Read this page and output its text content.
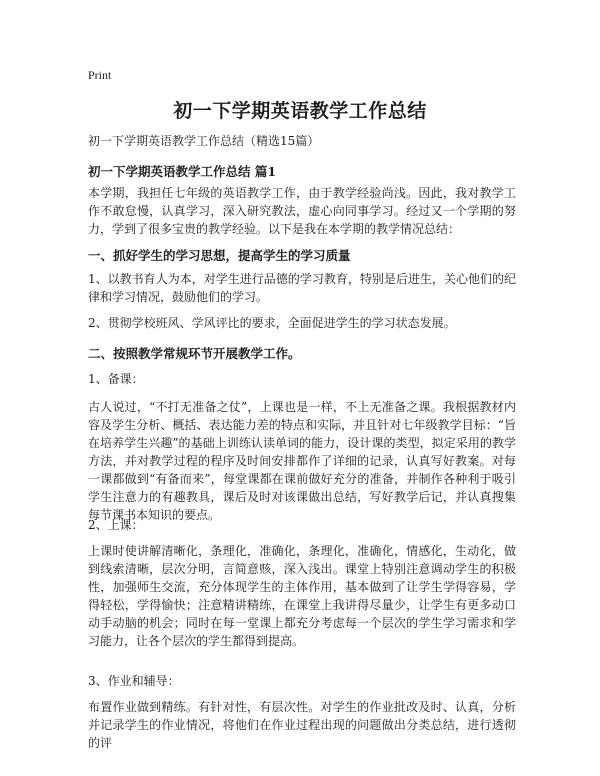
Print
初一下学期英语教学工作总结

初一下学期英语教学工作总结（精选15篇）

初一下学期英语教学工作总结 篇1

本学期，我担任七年级的英语教学工作，由于教学经验尚浅。因此，我对教学工作不敢怠慢，认真学习，深入研究教法，虚心向同事学习。经过又一个学期的努力，学到了很多宝贵的教学经验。以下是我在本学期的教学情况总结：

一、抓好学生的学习思想，提高学生的学习质量

1、以教书育人为本，对学生进行品德的学习教育，特别是后进生，关心他们的纪律和学习情况，鼓励他们的学习。

2、贯彻学校班风、学风评比的要求，全面促进学生的学习状态发展。

二、按照教学常规环节开展教学工作。

1、备课：

古人说过，“不打无准备之仗”，上课也是一样，不上无准备之课。我根据教材内容及学生分析、概括、表达能力差的特点和实际，并且针对七年级教学目标：“旨在培养学生兴趣”的基础上训练认读单词的能力，设计课的类型，拟定采用的教学方法，并对教学过程的程序及时间安排都作了详细的记录，认真写好教案。对每一课都做到“有备而来”，每堂课都在课前做好充分的准备，并制作各种利于吸引学生注意力的有趣教具，课后及时对该课做出总结，写好教学后记，并认真搜集每节课书本知识的要点。

2、上课：

上课时使讲解清晰化，条理化，准确化，条理化，准确化，情感化，生动化，做到线索清晰，层次分明，言简意赅，深入浅出。课堂上特别注意调动学生的积极性，加强师生交流，充分体现学生的主体作用，基本做到了让学生学得容易，学得轻松，学得愉快；注意精讲精练，在课堂上我讲得尽量少，让学生有更多动口动手动脑的机会；同时在每一堂课上都充分考虑每一个层次的学生学习需求和学习能力，让各个层次的学生都得到提高。

3、作业和辅导：

布置作业做到精练。有针对性，有层次性。对学生的作业批改及时、认真，分析并记录学生的作业情况，将他们在作业过程出现的问题做出分类总结，进行透彻的评
